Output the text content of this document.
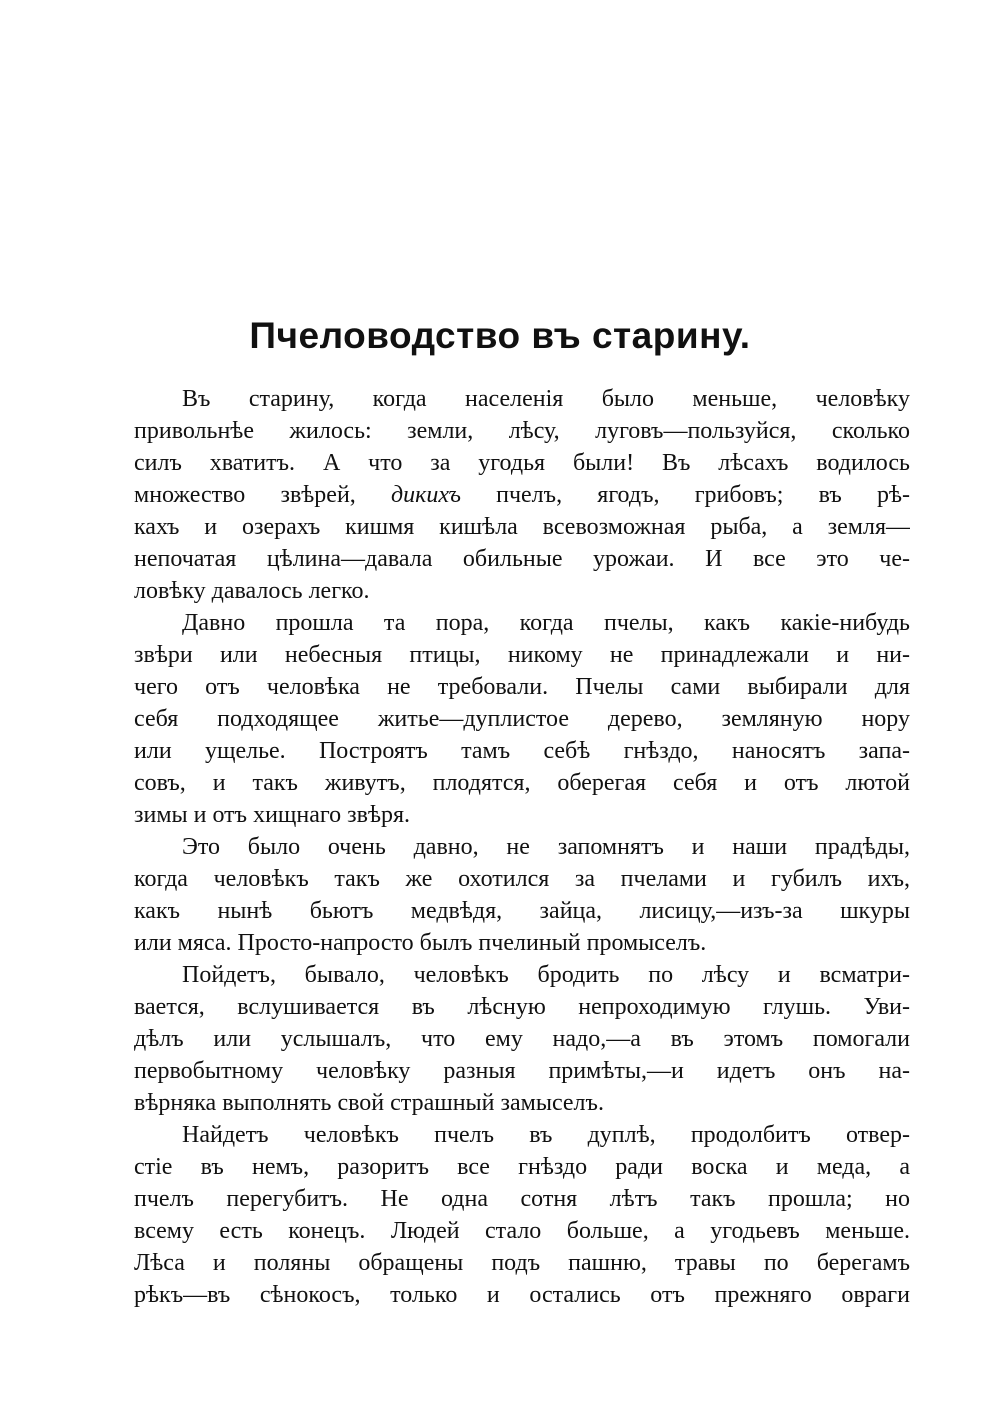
Пчеловодство въ старину.
Въ старину, когда населенія было меньше, человѣку
привольнѣе жилось: земли, лѣсу, луговъ—пользуйся, сколько
силъ хватитъ. А что за угодья были! Въ лѣсахъ водилось
множество звѣрей, дикихъ пчелъ, ягодъ, грибовъ; въ рѣ-
кахъ и озерахъ кишмя кишѣла всевозможная рыба, а земля—
непочатая цѣлина—давала обильные урожаи. И все это че-
ловѣку давалось легко.
Давно прошла та пора, когда пчелы, какъ какіе-нибудь
звѣри или небесныя птицы, никому не принадлежали и ни-
чего отъ человѣка не требовали. Пчелы сами выбирали для
себя подходящее житье—дуплистое дерево, земляную нору
или ущелье. Построятъ тамъ себѣ гнѣздо, наносятъ запа-
совъ, и такъ живутъ, плодятся, оберегая себя и отъ лютой
зимы и отъ хищнаго звѣря.
Это было очень давно, не запомнятъ и наши прадѣды,
когда человѣкъ такъ же охотился за пчелами и губилъ ихъ,
какъ нынѣ бьютъ медвѣдя, зайца, лисицу,—изъ-за шкуры
или мяса. Просто-напросто былъ пчелиный промыселъ.
Пойдетъ, бывало, человѣкъ бродить по лѣсу и всматри-
вается, вслушивается въ лѣсную непроходимую глушь. Уви-
дѣлъ или услышалъ, что ему надо,—а въ этомъ помогали
первобытному человѣку разныя примѣты,—и идетъ онъ на-
вѣрняка выполнять свой страшный замыселъ.
Найдетъ человѣкъ пчелъ въ дуплѣ, продолбитъ отвер-
стіе въ немъ, разоритъ все гнѣздо ради воска и меда, а
пчелъ перегубитъ. Не одна сотня лѣтъ такъ прошла; но
всему есть конецъ. Людей стало больше, а угодьевъ меньше.
Лѣса и поляны обращены подъ пашню, травы по берегамъ
рѣкъ—въ сѣнокосъ, только и остались отъ прежняго овраги
